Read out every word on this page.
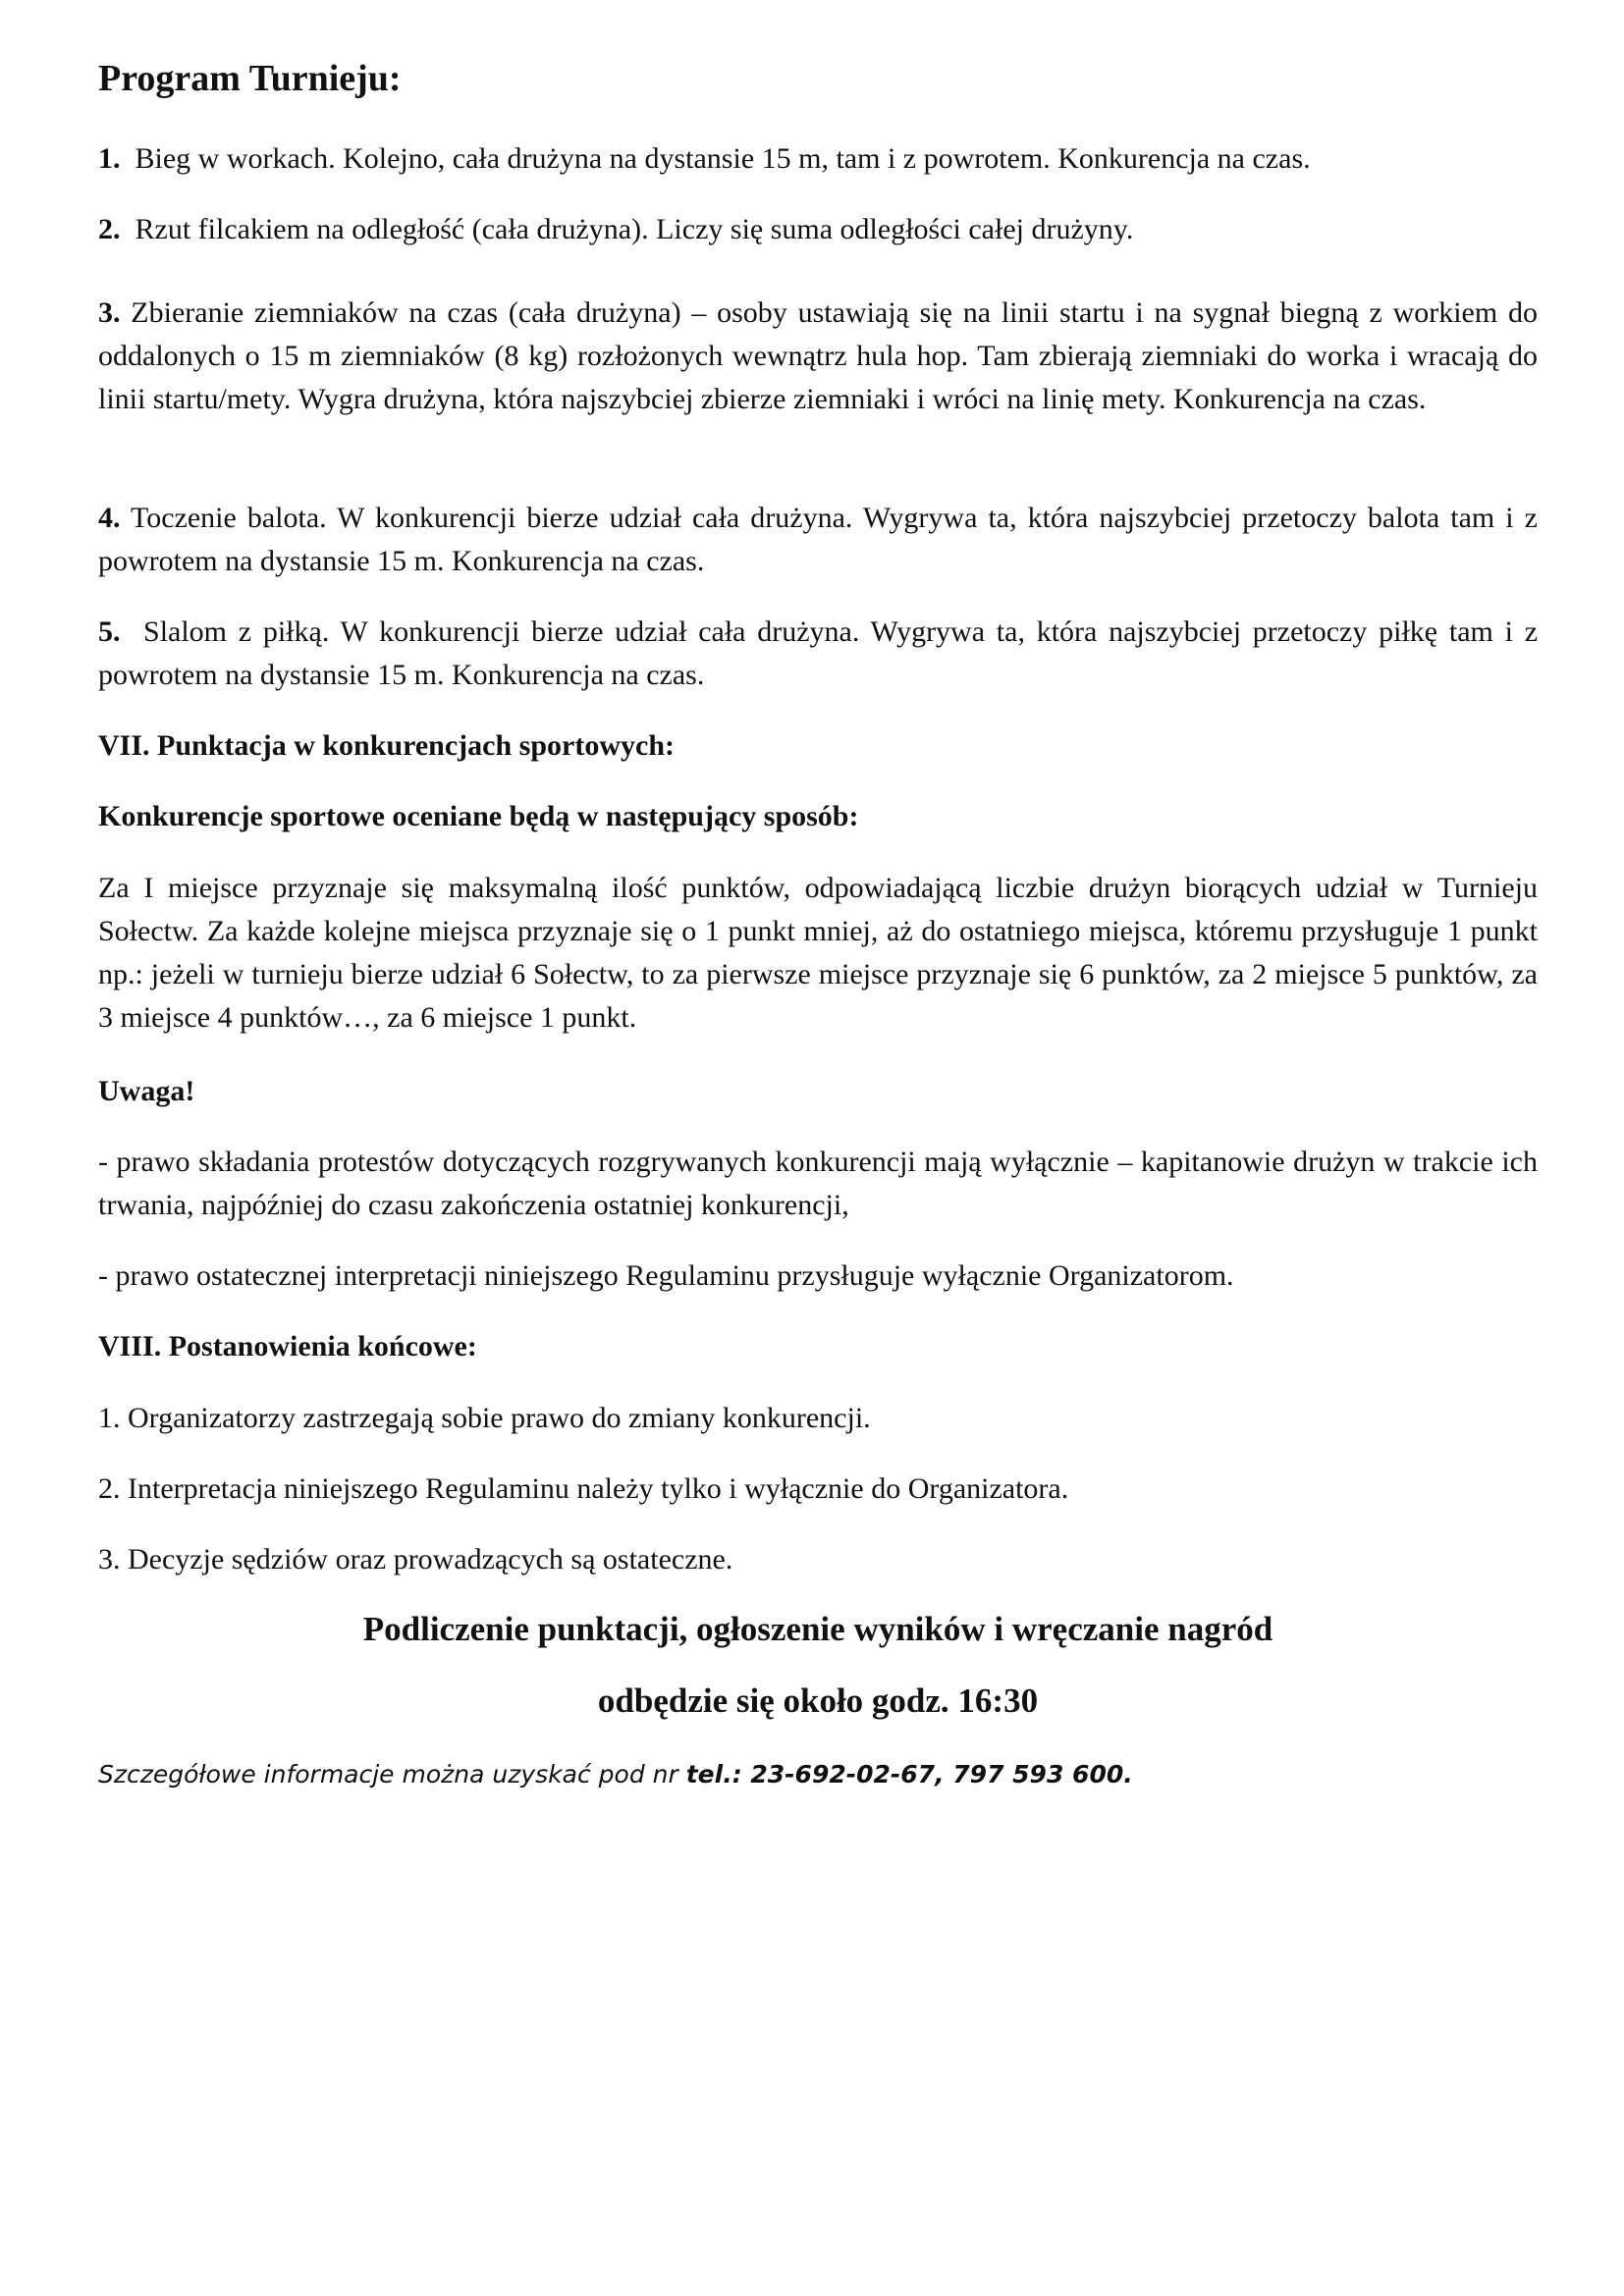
Program Turnieju:

1. Bieg w workach. Kolejno, cała drużyna na dystansie 15 m, tam i z powrotem. Konkurencja na czas.

2. Rzut filcakiem na odległość (cała drużyna). Liczy się suma odległości całej drużyny.

3. Zbieranie ziemniaków na czas (cała drużyna) – osoby ustawiają się na linii startu i na sygnał biegną z workiem do oddalonych o 15 m ziemniaków (8 kg) rozłożonych wewnątrz hula hop. Tam zbierają ziemniaki do worka i wracają do linii startu/mety. Wygra drużyna, która najszybciej zbierze ziemniaki i wróci na linię mety. Konkurencja na czas.

4. Toczenie balota. W konkurencji bierze udział cała drużyna. Wygrywa ta, która najszybciej przetoczy balota tam i z powrotem na dystansie 15 m. Konkurencja na czas.

5. Slalom z piłką. W konkurencji bierze udział cała drużyna. Wygrywa ta, która najszybciej przetoczy piłkę tam i z powrotem na dystansie 15 m. Konkurencja na czas.

VII. Punktacja w konkurencjach sportowych:
Konkurencje sportowe oceniane będą w następujący sposób:

Za I miejsce przyznaje się maksymalną ilość punktów, odpowiadającą liczbie drużyn biorących udział w Turnieju Sołectw. Za każde kolejne miejsca przyznaje się o 1 punkt mniej, aż do ostatniego miejsca, któremu przysługuje 1 punkt np.: jeżeli w turnieju bierze udział 6 Sołectw, to za pierwsze miejsce przyznaje się 6 punktów, za 2 miejsce 5 punktów, za 3 miejsce 4 punktów…, za 6 miejsce 1 punkt.

Uwaga!

- prawo składania protestów dotyczących rozgrywanych konkurencji mają wyłącznie – kapitanowie drużyn w trakcie ich trwania, najpóźniej do czasu zakończenia ostatniej konkurencji,

- prawo ostatecznej interpretacji niniejszego Regulaminu przysługuje wyłącznie Organizatorom.

VIII. Postanowienia końcowe:

1. Organizatorzy zastrzegają sobie prawo do zmiany konkurencji.

2. Interpretacja niniejszego Regulaminu należy tylko i wyłącznie do Organizatora.

3. Decyzje sędziów oraz prowadzących są ostateczne.

Podliczenie punktacji, ogłoszenie wyników i wręczanie nagród

odbędzie się około godz. 16:30

Szczegółowe informacje można uzyskać pod nr tel.: 23-692-02-67, 797 593 600.
